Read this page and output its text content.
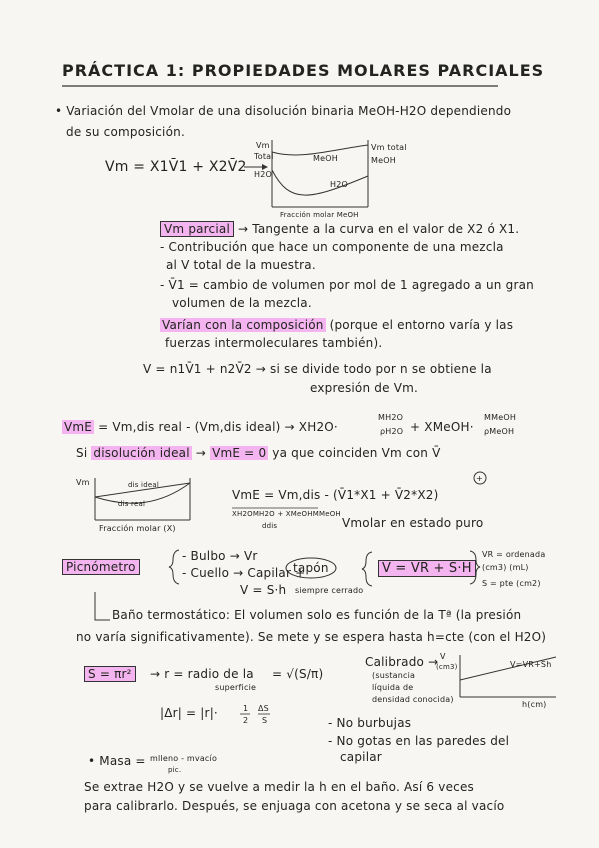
PRÁCTICA 1: PROPIEDADES MOLARES PARCIALES
• Variación del Vmolar de una disolución binaria MeOH-H2O dependiendo
de su composición.
Vm = X1V̄1 + X2V̄2
Vm
Total
H2O
MeOH
H2O
Vm total
MeOH
Fracción molar MeOH
Vm parcial → Tangente a la curva en el valor de X2 ó X1.
- Contribución que hace un componente de una mezcla
al V total de la muestra.
- V̄1 = cambio de volumen por mol de 1 agregado a un gran
volumen de la mezcla.
Varían con la composición (porque el entorno varía y las
fuerzas intermoleculares también).
V = n1V̄1 + n2V̄2 → si se divide todo por n se obtiene la
expresión de Vm.
VmE = Vm,dis real - (Vm,dis ideal) → XH2O·
MH2O
ρH2O + XMeOH·
MMeOH
ρMeOH
Si disolución ideal → VmE = 0 ya que coinciden Vm con V̄
Vm	dis ideal
dis real
Fracción molar (X)
VmE = Vm,dis - (V̄1*X1 + V̄2*X2)
XH2OMH2O + XMeOHMMeOH
ddis	Vmolar en estado puro
+
Picnómetro
- Bulbo → Vr
- Cuello → Capilar +
tapón
V = S·h siempre cerrado
V = VR + S·H
VR = ordenada
(cm3) (mL)
S = pte (cm2)
Baño termostático: El volumen solo es función de la Tª (la presión
no varía significativamente). Se mete y se espera hasta h=cte (con el H2O)
S = πr²	→ r = radio de la
superficie
= √(S/π)
|Δr| = |r|·	1
2
ΔS
S
Calibrado → V
(cm3)	V=VR+Sh
(sustancia
líquida de
densidad conocida)
h(cm)
- No burbujas
- No gotas en las paredes del
capilar
• Masa = mlleno - mvacío
pic.
Se extrae H2O y se vuelve a medir la h en el baño. Así 6 veces
para calibrarlo. Después, se enjuaga con acetona y se seca al vacío
